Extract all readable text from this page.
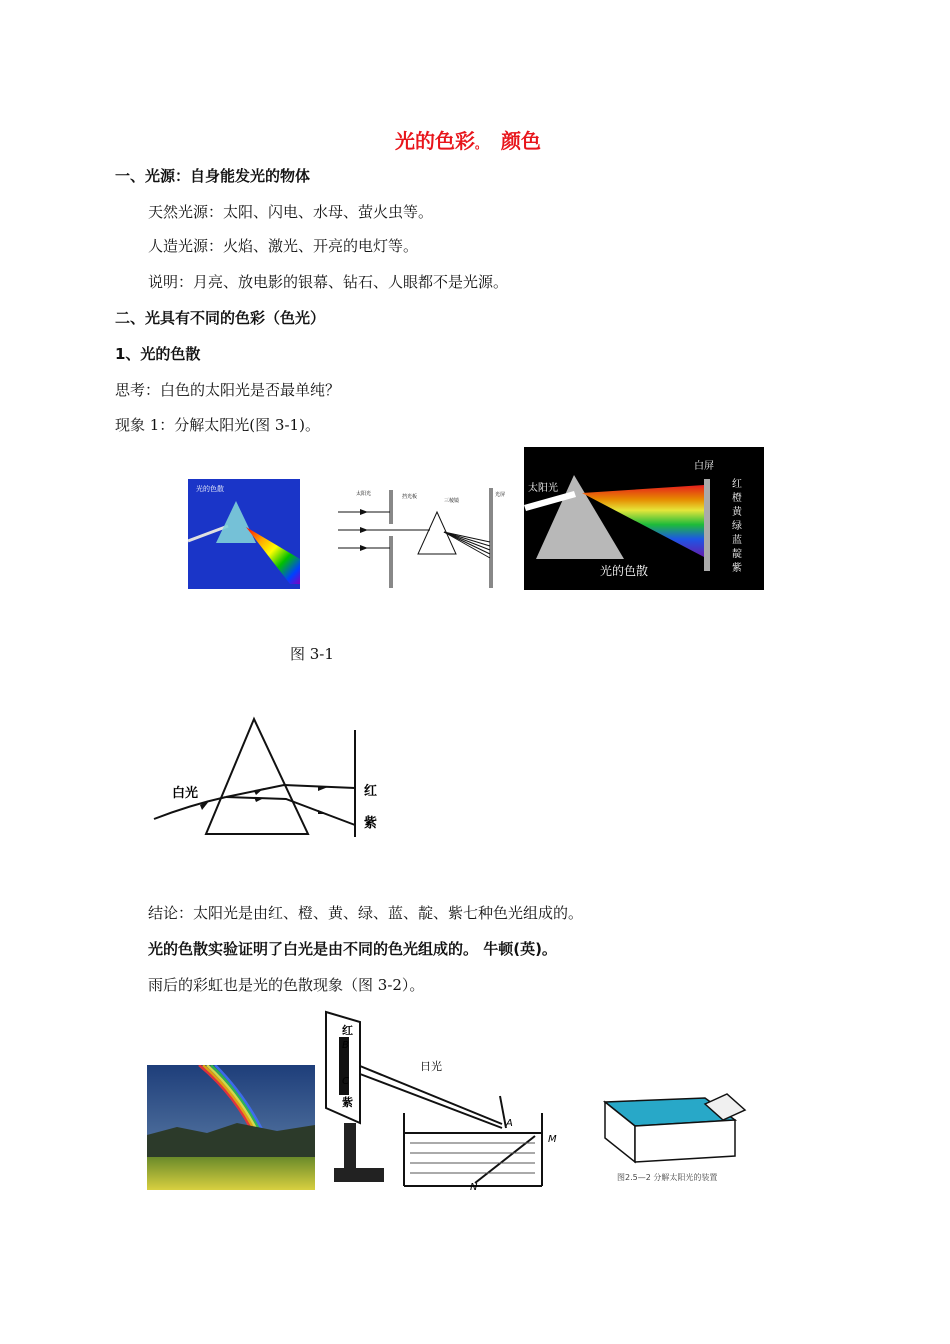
光的色彩。 颜色
一、光源：自身能发光的物体
天然光源：太阳、闪电、水母、萤火虫等。
人造光源：火焰、激光、开亮的电灯等。
说明：月亮、放电影的银幕、钻石、人眼都不是光源。
二、光具有不同的色彩（色光）
1、光的色散
思考：白色的太阳光是否最单纯？
现象 1：分解太阳光(图 3-1)。
光的色散
太阳光	挡光板
三棱镜
光屏
太阳光
白屏
红
橙
黄
绿
蓝
靛
紫
光的色散
图 3-1
白光	红
紫
结论：太阳光是由红、橙、黄、绿、蓝、靛、紫七种色光组成的。
光的色散实验证明了白光是由不同的色光组成的。 牛顿(英)。
雨后的彩虹也是光的色散现象（图 3-2）。
红
B
C
紫
日光
A
M
N
图2.5—2 分解太阳光的装置
